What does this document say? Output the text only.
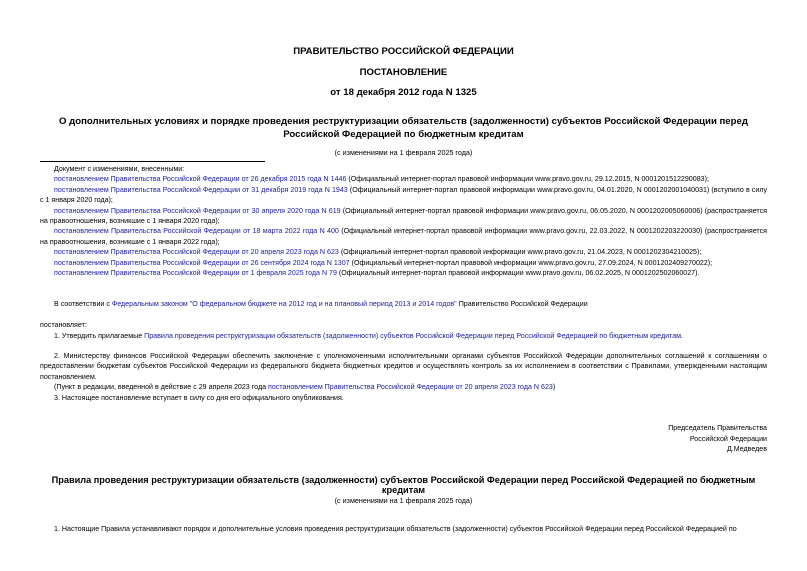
ПРАВИТЕЛЬСТВО РОССИЙСКОЙ ФЕДЕРАЦИИ
ПОСТАНОВЛЕНИЕ
от 18 декабря 2012 года N 1325
О дополнительных условиях и порядке проведения реструктуризации обязательств (задолженности) субъектов Российской Федерации перед Российской Федерацией по бюджетным кредитам
(с изменениями на 1 февраля 2025 года)
Документ с изменениями, внесенными:
постановлением Правительства Российской Федерации от 26 декабря 2015 года N 1446 (Официальный интернет-портал правовой информации www.pravo.gov.ru, 29.12.2015, N 0001201512290083);
постановлением Правительства Российской Федерации от 31 декабря 2019 года N 1943 (Официальный интернет-портал правовой информации www.pravo.gov.ru, 04.01.2020, N 0001202001040031) (вступило в силу с 1 января 2020 года);
постановлением Правительства Российской Федерации от 30 апреля 2020 года N 619 (Официальный интернет-портал правовой информации www.pravo.gov.ru, 06.05.2020, N 0001202005060006) (распространяется на правоотношения, возникшие с 1 января 2020 года);
постановлением Правительства Российской Федерации от 18 марта 2022 года N 400 (Официальный интернет-портал правовой информации www.pravo.gov.ru, 22.03.2022, N 0001202203220030) (распространяется на правоотношения, возникшие с 1 января 2022 года);
постановлением Правительства Российской Федерации от 20 апреля 2023 года N 623 (Официальный интернет-портал правовой информации www.pravo.gov.ru, 21.04.2023, N 0001202304210025);
постановлением Правительства Российской Федерации от 26 сентября 2024 года N 1307 (Официальный интернет-портал правовой информации www.pravo.gov.ru, 27.09.2024, N 0001202409270022);
постановлением Правительства Российской Федерации от 1 февраля 2025 года N 79 (Официальный интернет-портал правовой информации www.pravo.gov.ru, 06.02.2025, N 0001202502060027).
В соответствии с Федеральным законом "О федеральном бюджете на 2012 год и на плановый период 2013 и 2014 годов" Правительство Российской Федерации
постановляет:
1. Утвердить прилагаемые Правила проведения реструктуризации обязательств (задолженности) субъектов Российской Федерации перед Российской Федерацией по бюджетным кредитам.
2. Министерству финансов Российской Федерации обеспечить заключение с уполномоченными исполнительными органами субъектов Российской Федерации дополнительных соглашений к соглашениям о предоставлении бюджетам субъектов Российской Федерации из федерального бюджета бюджетных кредитов и осуществлять контроль за их исполнением в соответствии с Правилами, утвержденными настоящим постановлением.
(Пункт в редакции, введенной в действие с 29 апреля 2023 года постановлением Правительства Российской Федерации от 20 апреля 2023 года N 623)
3. Настоящее постановление вступает в силу со дня его официального опубликования.
Председатель Правительства
Российской Федерации
Д.Медведев
Правила проведения реструктуризации обязательств (задолженности) субъектов Российской Федерации перед Российской Федерацией по бюджетным кредитам
(с изменениями на 1 февраля 2025 года)
1. Настоящие Правила устанавливают порядок и дополнительные условия проведения реструктуризации обязательств (задолженности) субъектов Российской Федерации перед Российской Федерацией по
